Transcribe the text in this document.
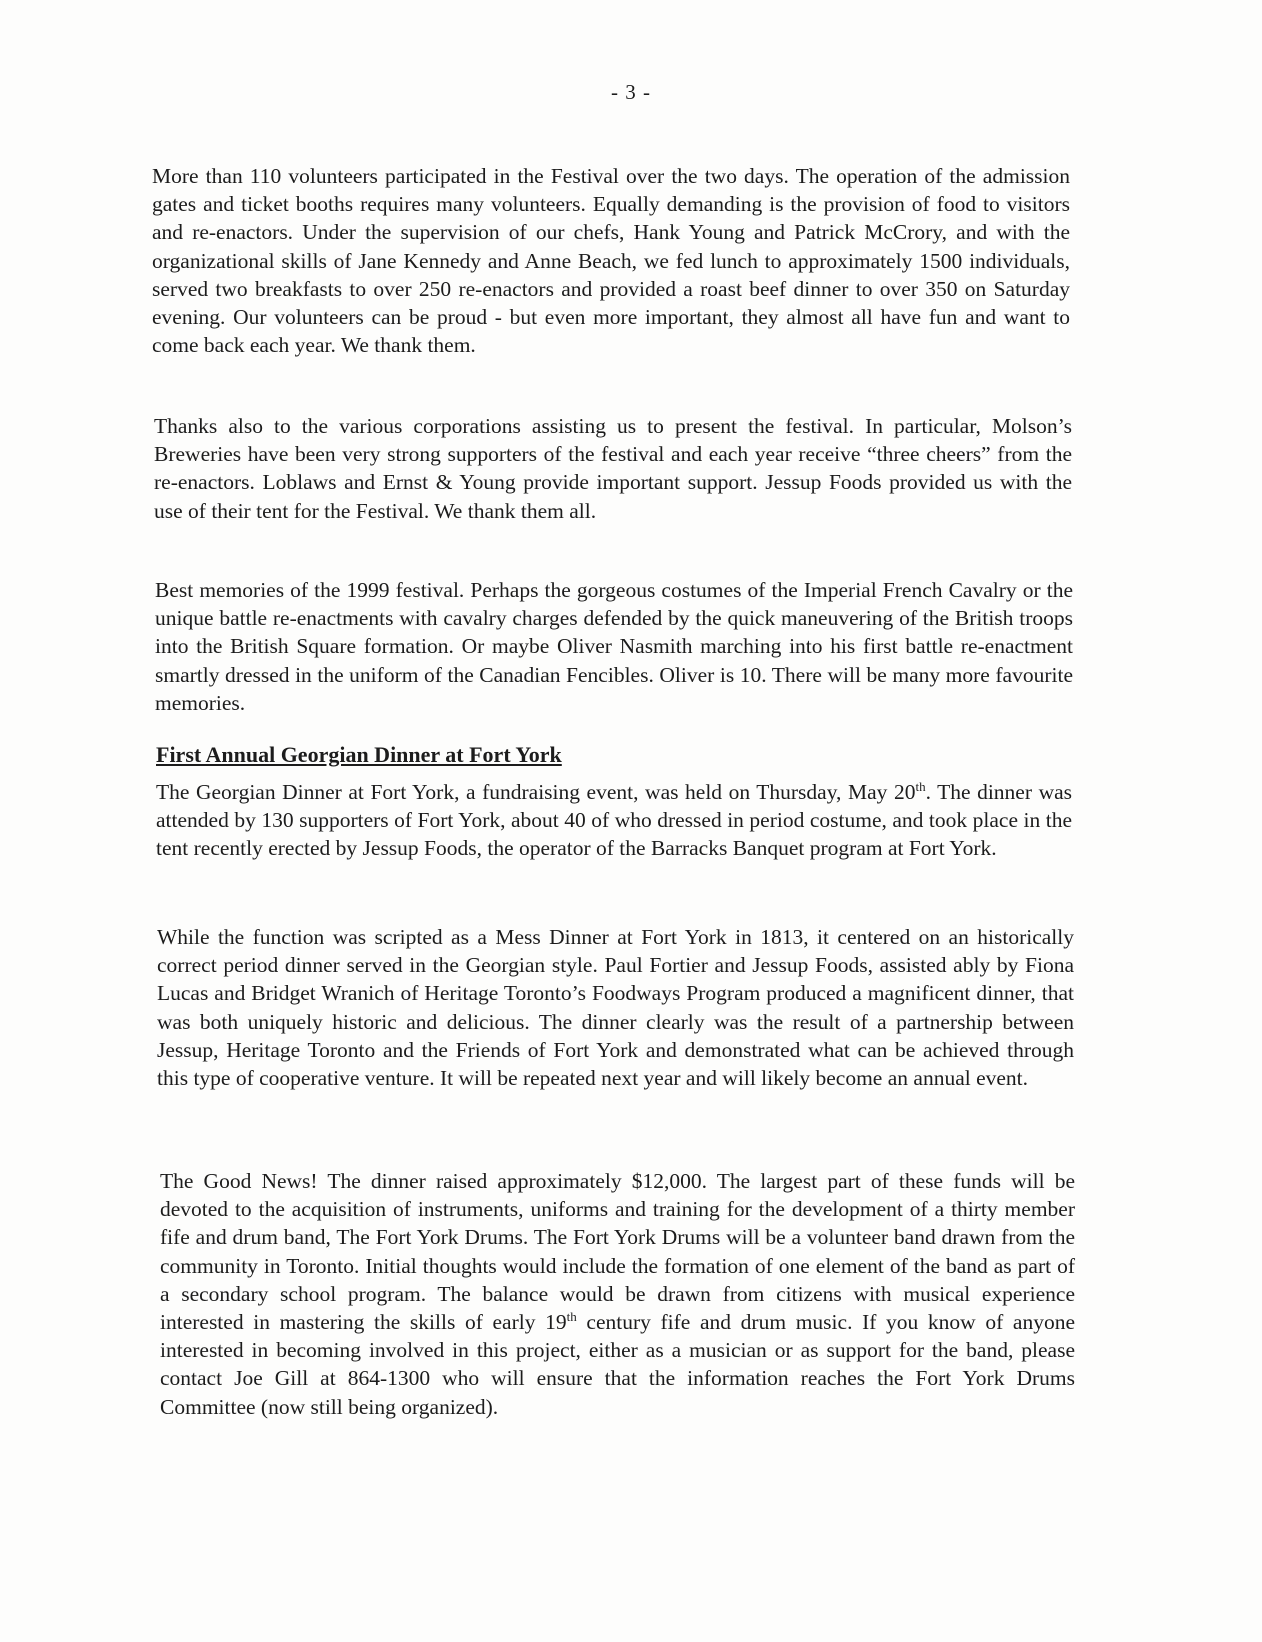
- 3 -

More than 110 volunteers participated in the Festival over the two days. The operation of the admission gates and ticket booths requires many volunteers. Equally demanding is the provision of food to visitors and re-enactors. Under the supervision of our chefs, Hank Young and Patrick McCrory, and with the organizational skills of Jane Kennedy and Anne Beach, we fed lunch to approximately 1500 individuals, served two breakfasts to over 250 re-enactors and provided a roast beef dinner to over 350 on Saturday evening. Our volunteers can be proud - but even more important, they almost all have fun and want to come back each year. We thank them.

Thanks also to the various corporations assisting us to present the festival. In particular, Molson’s Breweries have been very strong supporters of the festival and each year receive “three cheers” from the re-enactors. Loblaws and Ernst & Young provide important support. Jessup Foods provided us with the use of their tent for the Festival. We thank them all.

Best memories of the 1999 festival. Perhaps the gorgeous costumes of the Imperial French Cavalry or the unique battle re-enactments with cavalry charges defended by the quick maneuvering of the British troops into the British Square formation. Or maybe Oliver Nasmith marching into his first battle re-enactment smartly dressed in the uniform of the Canadian Fencibles. Oliver is 10. There will be many more favourite memories.

First Annual Georgian Dinner at Fort York

The Georgian Dinner at Fort York, a fundraising event, was held on Thursday, May 20th. The dinner was attended by 130 supporters of Fort York, about 40 of who dressed in period costume, and took place in the tent recently erected by Jessup Foods, the operator of the Barracks Banquet program at Fort York.

While the function was scripted as a Mess Dinner at Fort York in 1813, it centered on an historically correct period dinner served in the Georgian style. Paul Fortier and Jessup Foods, assisted ably by Fiona Lucas and Bridget Wranich of Heritage Toronto’s Foodways Program produced a magnificent dinner, that was both uniquely historic and delicious. The dinner clearly was the result of a partnership between Jessup, Heritage Toronto and the Friends of Fort York and demonstrated what can be achieved through this type of cooperative venture. It will be repeated next year and will likely become an annual event.

The Good News! The dinner raised approximately $12,000. The largest part of these funds will be devoted to the acquisition of instruments, uniforms and training for the development of a thirty member fife and drum band, The Fort York Drums. The Fort York Drums will be a volunteer band drawn from the community in Toronto. Initial thoughts would include the formation of one element of the band as part of a secondary school program. The balance would be drawn from citizens with musical experience interested in mastering the skills of early 19th century fife and drum music. If you know of anyone interested in becoming involved in this project, either as a musician or as support for the band, please contact Joe Gill at 864-1300 who will ensure that the information reaches the Fort York Drums Committee (now still being organized).
